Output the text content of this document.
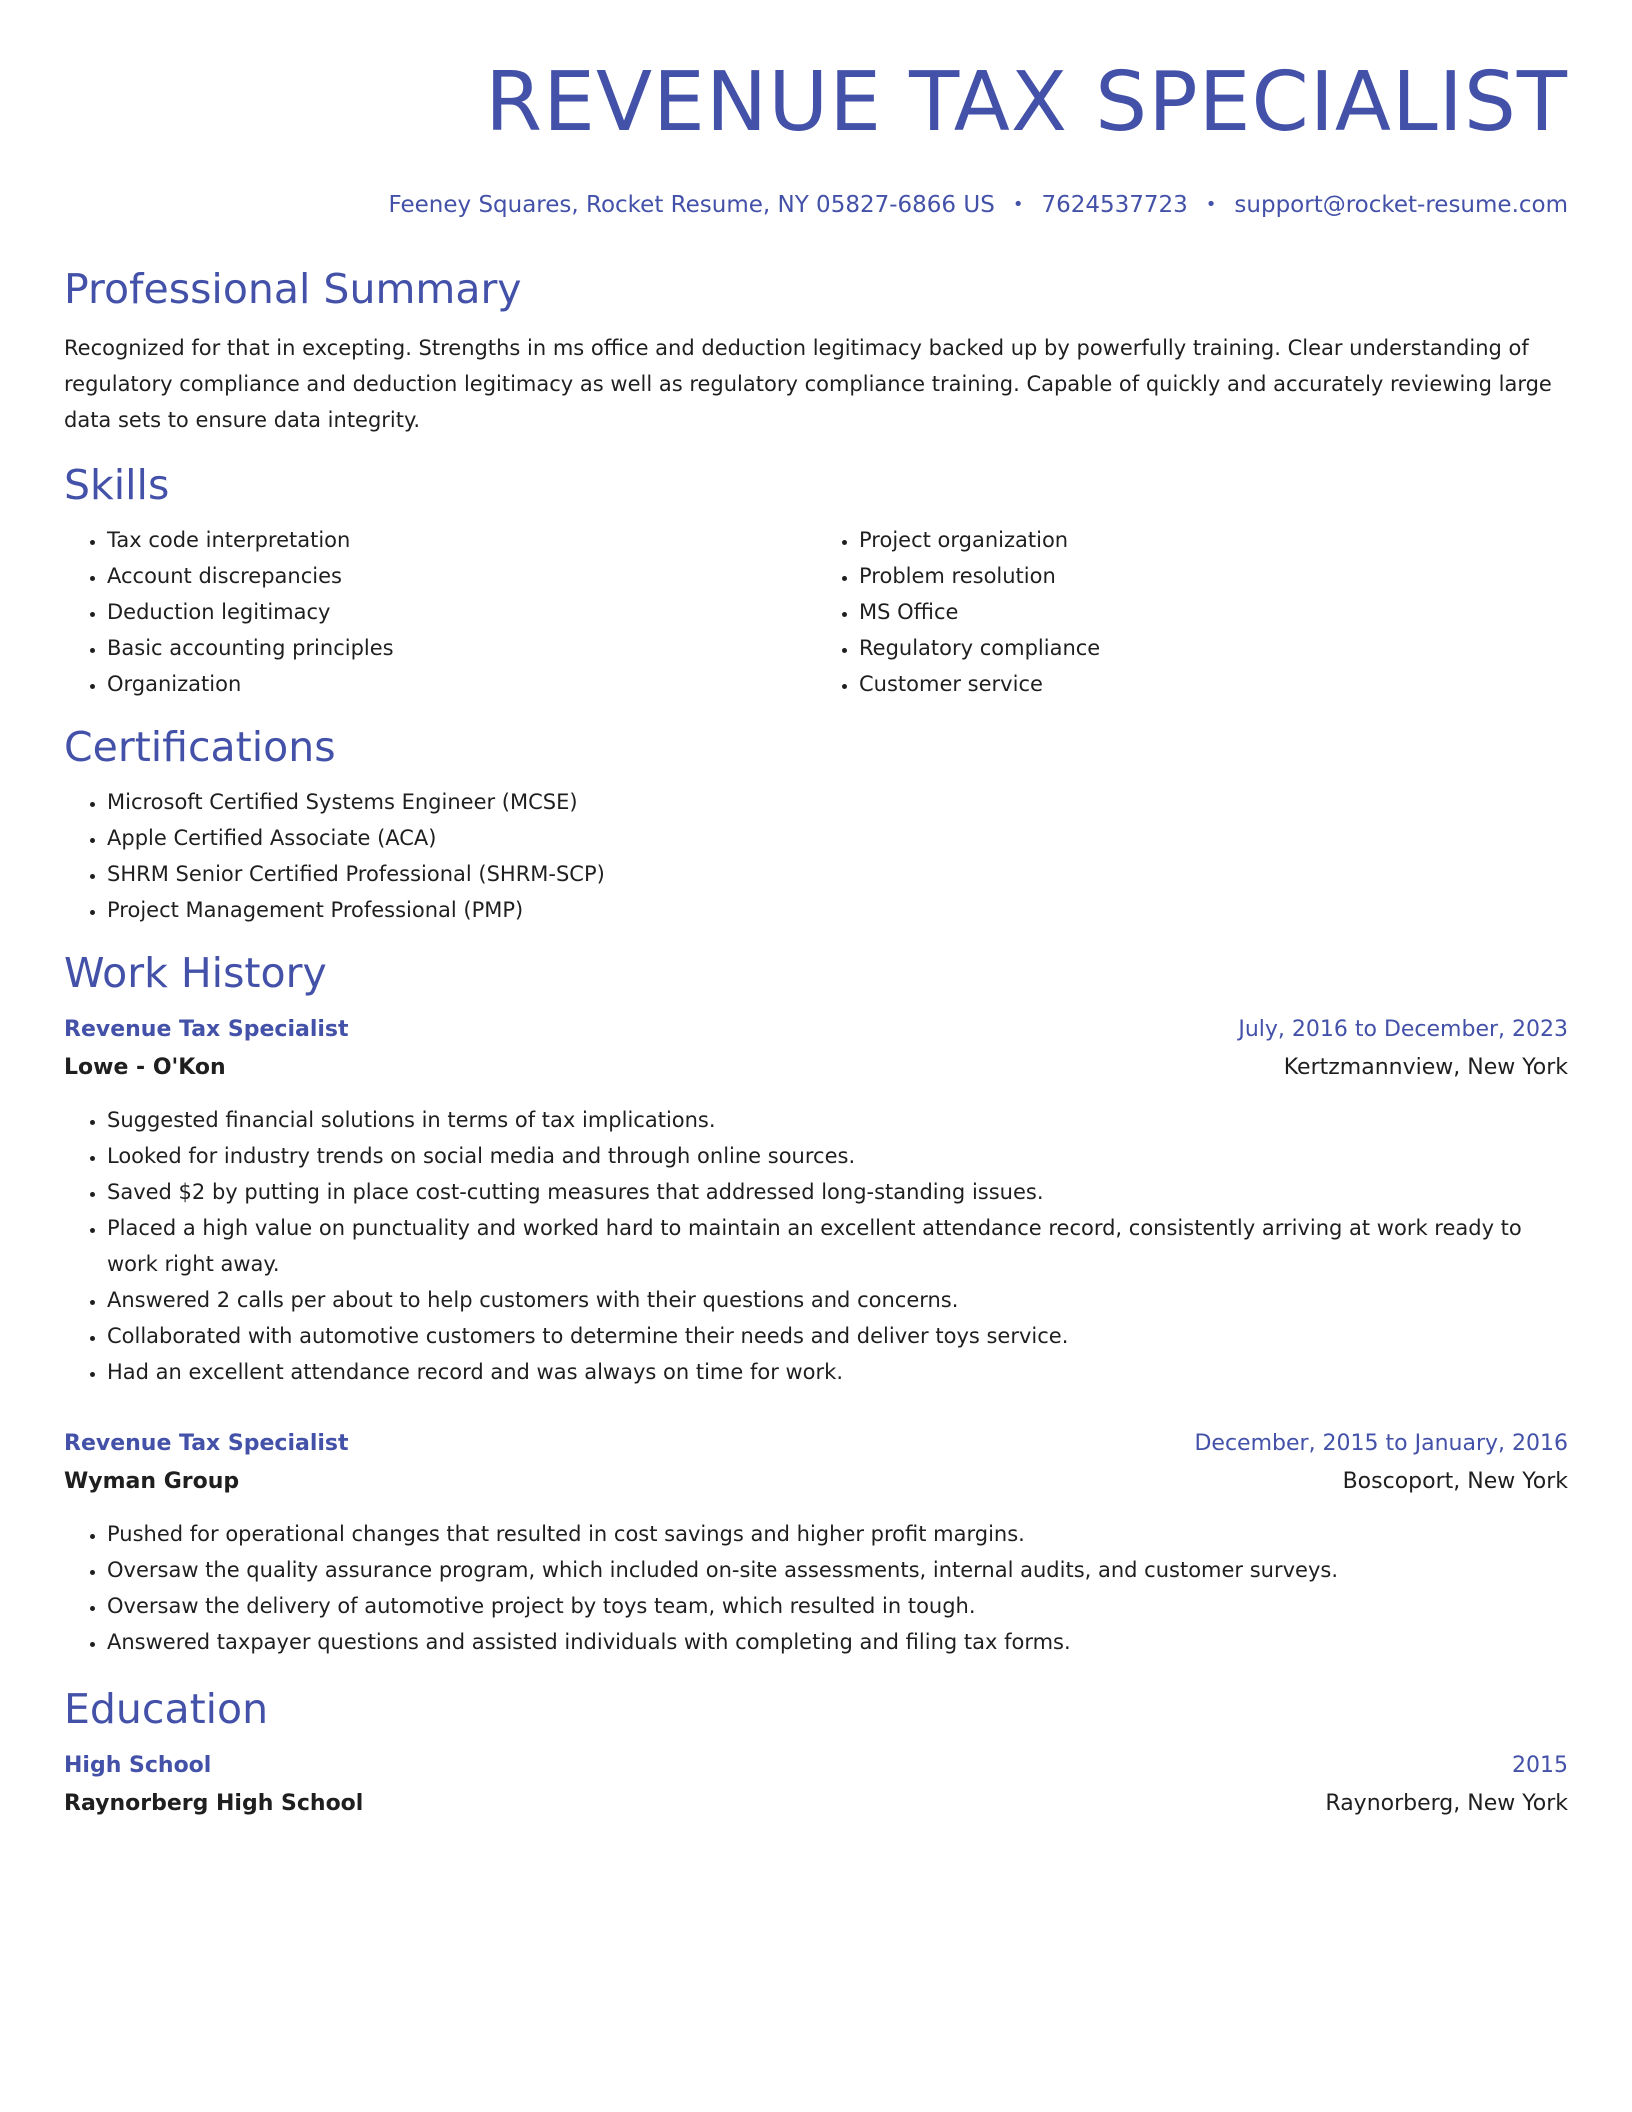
REVENUE TAX SPECIALIST
Feeney Squares, Rocket Resume, NY 05827-6866 US • 7624537723 • support@rocket-resume.com
Professional Summary

Recognized for that in excepting. Strengths in ms office and deduction legitimacy backed up by powerfully training. Clear understanding of regulatory compliance and deduction legitimacy as well as regulatory compliance training. Capable of quickly and accurately reviewing large data sets to ensure data integrity.

Skills
• Tax code interpretation
• Account discrepancies
• Deduction legitimacy
• Basic accounting principles
• Organization
• Project organization
• Problem resolution
• MS Office
• Regulatory compliance
• Customer service
Certifications
• Microsoft Certified Systems Engineer (MCSE)
• Apple Certified Associate (ACA)
• SHRM Senior Certified Professional (SHRM-SCP)
• Project Management Professional (PMP)
Work History
Revenue Tax Specialist	July, 2016 to December, 2023
Lowe - O'Kon	Kertzmannview, New York
• Suggested financial solutions in terms of tax implications.
• Looked for industry trends on social media and through online sources.
• Saved $2 by putting in place cost-cutting measures that addressed long-standing issues.
• Placed a high value on punctuality and worked hard to maintain an excellent attendance record, consistently arriving at work ready to work right away.
• Answered 2 calls per about to help customers with their questions and concerns.
• Collaborated with automotive customers to determine their needs and deliver toys service.
• Had an excellent attendance record and was always on time for work.
Revenue Tax Specialist	December, 2015 to January, 2016
Wyman Group	Boscoport, New York
• Pushed for operational changes that resulted in cost savings and higher profit margins.
• Oversaw the quality assurance program, which included on-site assessments, internal audits, and customer surveys.
• Oversaw the delivery of automotive project by toys team, which resulted in tough.
• Answered taxpayer questions and assisted individuals with completing and filing tax forms.
Education
High School	2015
Raynorberg High School	Raynorberg, New York
